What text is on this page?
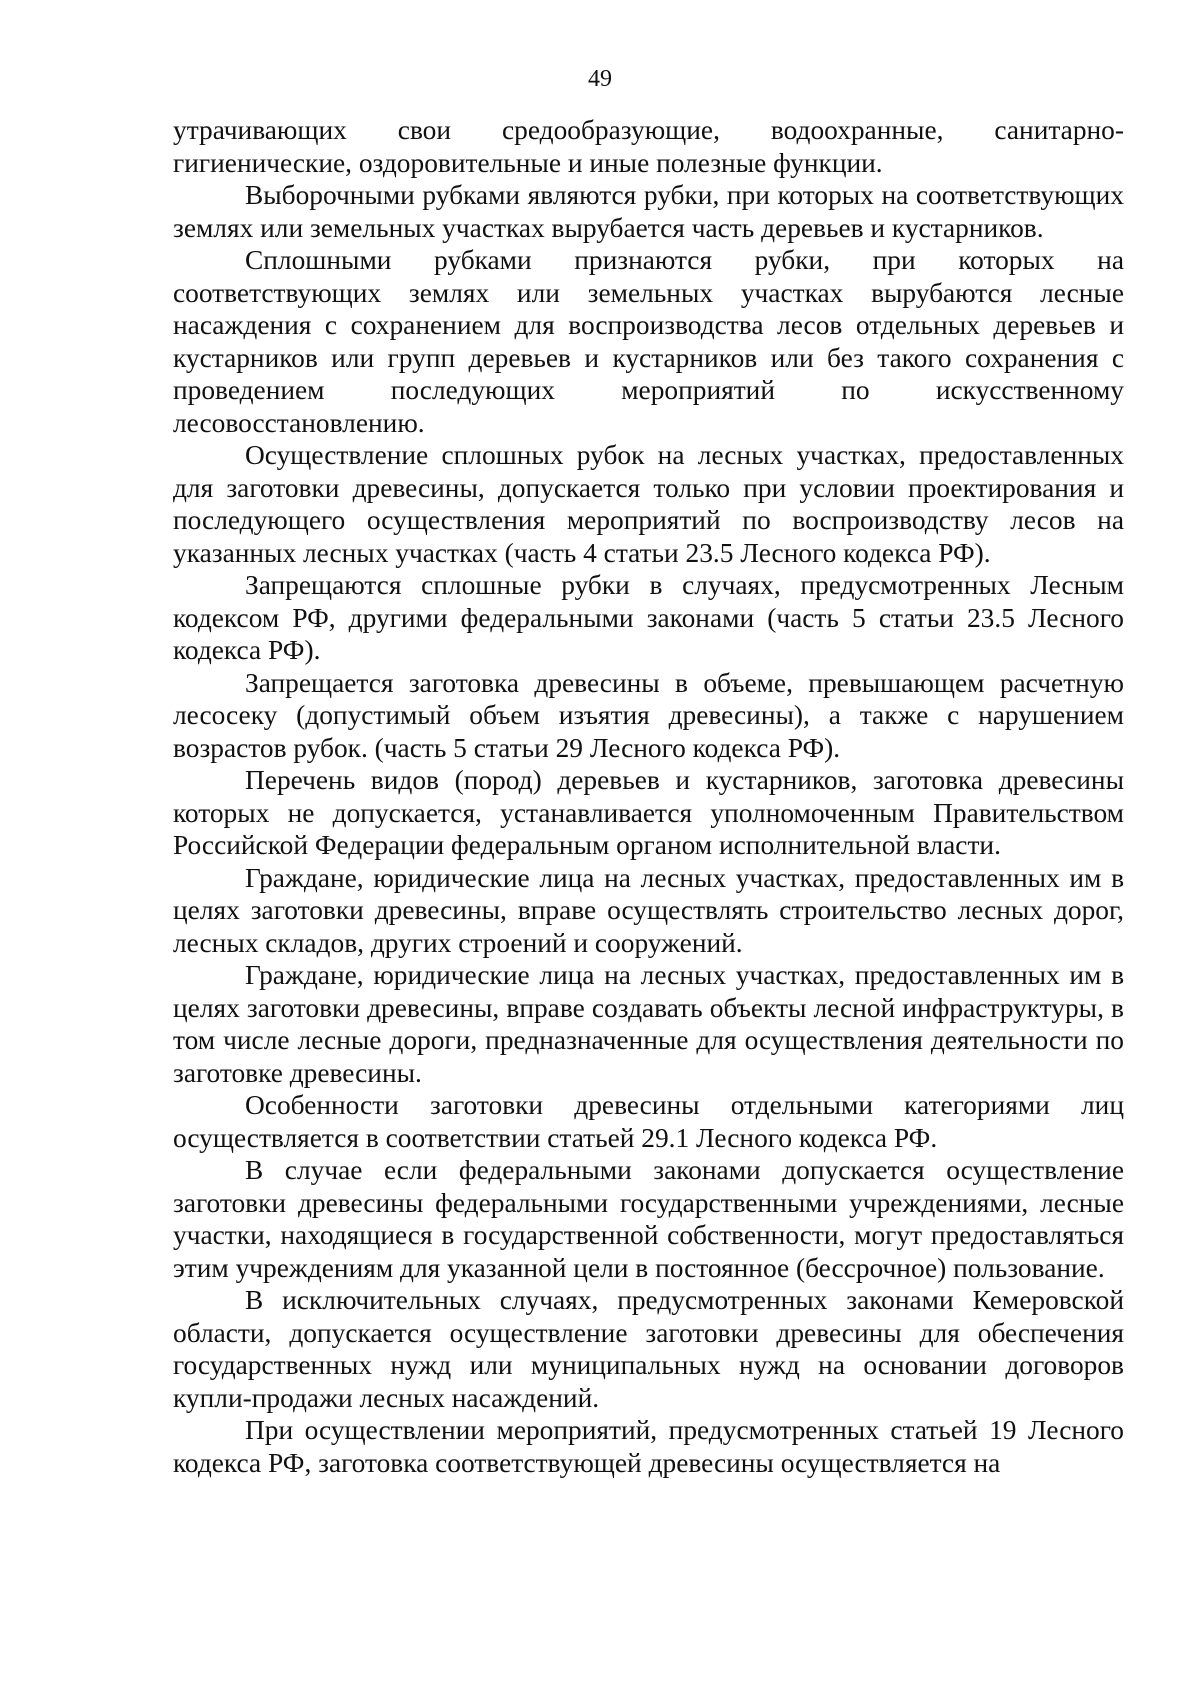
49

утрачивающих свои средообразующие, водоохранные, санитарно-гигиенические, оздоровительные и иные полезные функции.

Выборочными рубками являются рубки, при которых на соответствующих землях или земельных участках вырубается часть деревьев и кустарников.

Сплошными рубками признаются рубки, при которых на соответствующих землях или земельных участках вырубаются лесные насаждения с сохранением для воспроизводства лесов отдельных деревьев и кустарников или групп деревьев и кустарников или без такого сохранения с проведением последующих мероприятий по искусственному лесовосстановлению.

Осуществление сплошных рубок на лесных участках, предоставленных для заготовки древесины, допускается только при условии проектирования и последующего осуществления мероприятий по воспроизводству лесов на указанных лесных участках (часть 4 статьи 23.5 Лесного кодекса РФ).

Запрещаются сплошные рубки в случаях, предусмотренных Лесным кодексом РФ, другими федеральными законами (часть 5 статьи 23.5 Лесного кодекса РФ).

Запрещается заготовка древесины в объеме, превышающем расчетную лесосеку (допустимый объем изъятия древесины), а также с нарушением возрастов рубок. (часть 5 статьи 29 Лесного кодекса РФ).

Перечень видов (пород) деревьев и кустарников, заготовка древесины которых не допускается, устанавливается уполномоченным Правительством Российской Федерации федеральным органом исполнительной власти.

Граждане, юридические лица на лесных участках, предоставленных им в целях заготовки древесины, вправе осуществлять строительство лесных дорог, лесных складов, других строений и сооружений.

Граждане, юридические лица на лесных участках, предоставленных им в целях заготовки древесины, вправе создавать объекты лесной инфраструктуры, в том числе лесные дороги, предназначенные для осуществления деятельности по заготовке древесины.

Особенности заготовки древесины отдельными категориями лиц осуществляется в соответствии статьей 29.1 Лесного кодекса РФ.

В случае если федеральными законами допускается осуществление заготовки древесины федеральными государственными учреждениями, лесные участки, находящиеся в государственной собственности, могут предоставляться этим учреждениям для указанной цели в постоянное (бессрочное) пользование.

В исключительных случаях, предусмотренных законами Кемеровской области, допускается осуществление заготовки древесины для обеспечения государственных нужд или муниципальных нужд на основании договоров купли-продажи лесных насаждений.

При осуществлении мероприятий, предусмотренных статьей 19 Лесного кодекса РФ, заготовка соответствующей древесины осуществляется на
